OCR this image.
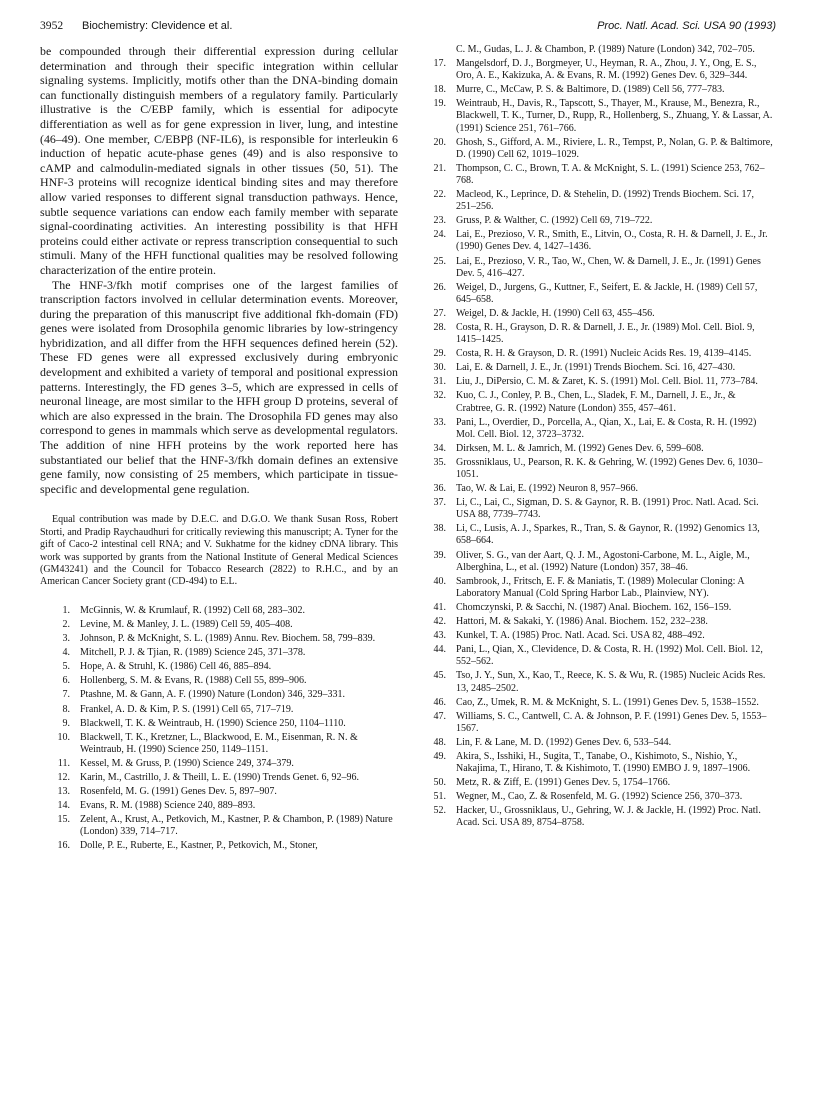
3952 Biochemistry: Clevidence et al.	Proc. Natl. Acad. Sci. USA 90 (1993)

be compounded through their differential expression during cellular determination and through their specific integration within cellular signaling systems. Implicitly, motifs other than the DNA-binding domain can functionally distinguish members of a regulatory family. Particularly illustrative is the C/EBP family, which is essential for adipocyte differentiation as well as for gene expression in liver, lung, and intestine (46–49). One member, C/EBPβ (NF-IL6), is responsible for interleukin 6 induction of hepatic acute-phase genes (49) and is also responsive to cAMP and calmodulin-mediated signals in other tissues (50, 51). The HNF-3 proteins will recognize identical binding sites and may therefore allow varied responses to different signal transduction pathways. Hence, subtle sequence variations can endow each family member with separate signal-coordinating activities. An interesting possibility is that HFH proteins could either activate or repress transcription consequential to such stimuli. Many of the HFH functional qualities may be resolved following characterization of the entire protein.

The HNF-3/fkh motif comprises one of the largest families of transcription factors involved in cellular determination events. Moreover, during the preparation of this manuscript five additional fkh-domain (FD) genes were isolated from Drosophila genomic libraries by low-stringency hybridization, and all differ from the HFH sequences defined herein (52). These FD genes were all expressed exclusively during embryonic development and exhibited a variety of temporal and positional expression patterns. Interestingly, the FD genes 3–5, which are expressed in cells of neuronal lineage, are most similar to the HFH group D proteins, several of which are also expressed in the brain. The Drosophila FD genes may also correspond to genes in mammals which serve as developmental regulators. The addition of nine HFH proteins by the work reported here has substantiated our belief that the HNF-3/fkh domain defines an extensive gene family, now consisting of 25 members, which participate in tissue-specific and developmental gene regulation.

Equal contribution was made by D.E.C. and D.G.O. We thank Susan Ross, Robert Storti, and Pradip Raychaudhuri for critically reviewing this manuscript; A. Tyner for the gift of Caco-2 intestinal cell RNA; and V. Sukhatme for the kidney cDNA library. This work was supported by grants from the National Institute of General Medical Sciences (GM43241) and the Council for Tobacco Research (2822) to R.H.C., and by an American Cancer Society grant (CD-494) to E.L.

1. McGinnis, W. & Krumlauf, R. (1992) Cell 68, 283–302.
2. Levine, M. & Manley, J. L. (1989) Cell 59, 405–408.
3. Johnson, P. & McKnight, S. L. (1989) Annu. Rev. Biochem. 58, 799–839.
4. Mitchell, P. J. & Tjian, R. (1989) Science 245, 371–378.
5. Hope, A. & Struhl, K. (1986) Cell 46, 885–894.
6. Hollenberg, S. M. & Evans, R. (1988) Cell 55, 899–906.
7. Ptashne, M. & Gann, A. F. (1990) Nature (London) 346, 329–331.
8. Frankel, A. D. & Kim, P. S. (1991) Cell 65, 717–719.
9. Blackwell, T. K. & Weintraub, H. (1990) Science 250, 1104–1110.
10. Blackwell, T. K., Kretzner, L., Blackwood, E. M., Eisenman, R. N. & Weintraub, H. (1990) Science 250, 1149–1151.
11. Kessel, M. & Gruss, P. (1990) Science 249, 374–379.
12. Karin, M., Castrillo, J. & Theill, L. E. (1990) Trends Genet. 6, 92–96.
13. Rosenfeld, M. G. (1991) Genes Dev. 5, 897–907.
14. Evans, R. M. (1988) Science 240, 889–893.
15. Zelent, A., Krust, A., Petkovich, M., Kastner, P. & Chambon, P. (1989) Nature (London) 339, 714–717.
16. Dolle, P. E., Ruberte, E., Kastner, P., Petkovich, M., Stoner,
C. M., Gudas, L. J. & Chambon, P. (1989) Nature (London) 342, 702–705.
17. Mangelsdorf, D. J., Borgmeyer, U., Heyman, R. A., Zhou, J. Y., Ong, E. S., Oro, A. E., Kakizuka, A. & Evans, R. M. (1992) Genes Dev. 6, 329–344.
18. Murre, C., McCaw, P. S. & Baltimore, D. (1989) Cell 56, 777–783.
19. Weintraub, H., Davis, R., Tapscott, S., Thayer, M., Krause, M., Benezra, R., Blackwell, T. K., Turner, D., Rupp, R., Hollenberg, S., Zhuang, Y. & Lassar, A. (1991) Science 251, 761–766.
20. Ghosh, S., Gifford, A. M., Riviere, L. R., Tempst, P., Nolan, G. P. & Baltimore, D. (1990) Cell 62, 1019–1029.
21. Thompson, C. C., Brown, T. A. & McKnight, S. L. (1991) Science 253, 762–768.
22. Macleod, K., Leprince, D. & Stehelin, D. (1992) Trends Biochem. Sci. 17, 251–256.
23. Gruss, P. & Walther, C. (1992) Cell 69, 719–722.
24. Lai, E., Prezioso, V. R., Smith, E., Litvin, O., Costa, R. H. & Darnell, J. E., Jr. (1990) Genes Dev. 4, 1427–1436.
25. Lai, E., Prezioso, V. R., Tao, W., Chen, W. & Darnell, J. E., Jr. (1991) Genes Dev. 5, 416–427.
26. Weigel, D., Jurgens, G., Kuttner, F., Seifert, E. & Jackle, H. (1989) Cell 57, 645–658.
27. Weigel, D. & Jackle, H. (1990) Cell 63, 455–456.
28. Costa, R. H., Grayson, D. R. & Darnell, J. E., Jr. (1989) Mol. Cell. Biol. 9, 1415–1425.
29. Costa, R. H. & Grayson, D. R. (1991) Nucleic Acids Res. 19, 4139–4145.
30. Lai, E. & Darnell, J. E., Jr. (1991) Trends Biochem. Sci. 16, 427–430.
31. Liu, J., DiPersio, C. M. & Zaret, K. S. (1991) Mol. Cell. Biol. 11, 773–784.
32. Kuo, C. J., Conley, P. B., Chen, L., Sladek, F. M., Darnell, J. E., Jr., & Crabtree, G. R. (1992) Nature (London) 355, 457–461.
33. Pani, L., Overdier, D., Porcella, A., Qian, X., Lai, E. & Costa, R. H. (1992) Mol. Cell. Biol. 12, 3723–3732.
34. Dirksen, M. L. & Jamrich, M. (1992) Genes Dev. 6, 599–608.
35. Grossniklaus, U., Pearson, R. K. & Gehring, W. (1992) Genes Dev. 6, 1030–1051.
36. Tao, W. & Lai, E. (1992) Neuron 8, 957–966.
37. Li, C., Lai, C., Sigman, D. S. & Gaynor, R. B. (1991) Proc. Natl. Acad. Sci. USA 88, 7739–7743.
38. Li, C., Lusis, A. J., Sparkes, R., Tran, S. & Gaynor, R. (1992) Genomics 13, 658–664.
39. Oliver, S. G., van der Aart, Q. J. M., Agostoni-Carbone, M. L., Aigle, M., Alberghina, L., et al. (1992) Nature (London) 357, 38–46.
40. Sambrook, J., Fritsch, E. F. & Maniatis, T. (1989) Molecular Cloning: A Laboratory Manual (Cold Spring Harbor Lab., Plainview, NY).
41. Chomczynski, P. & Sacchi, N. (1987) Anal. Biochem. 162, 156–159.
42. Hattori, M. & Sakaki, Y. (1986) Anal. Biochem. 152, 232–238.
43. Kunkel, T. A. (1985) Proc. Natl. Acad. Sci. USA 82, 488–492.
44. Pani, L., Qian, X., Clevidence, D. & Costa, R. H. (1992) Mol. Cell. Biol. 12, 552–562.
45. Tso, J. Y., Sun, X., Kao, T., Reece, K. S. & Wu, R. (1985) Nucleic Acids Res. 13, 2485–2502.
46. Cao, Z., Umek, R. M. & McKnight, S. L. (1991) Genes Dev. 5, 1538–1552.
47. Williams, S. C., Cantwell, C. A. & Johnson, P. F. (1991) Genes Dev. 5, 1553–1567.
48. Lin, F. & Lane, M. D. (1992) Genes Dev. 6, 533–544.
49. Akira, S., Isshiki, H., Sugita, T., Tanabe, O., Kishimoto, S., Nishio, Y., Nakajima, T., Hirano, T. & Kishimoto, T. (1990) EMBO J. 9, 1897–1906.
50. Metz, R. & Ziff, E. (1991) Genes Dev. 5, 1754–1766.
51. Wegner, M., Cao, Z. & Rosenfeld, M. G. (1992) Science 256, 370–373.
52. Hacker, U., Grossniklaus, U., Gehring, W. J. & Jackle, H. (1992) Proc. Natl. Acad. Sci. USA 89, 8754–8758.
